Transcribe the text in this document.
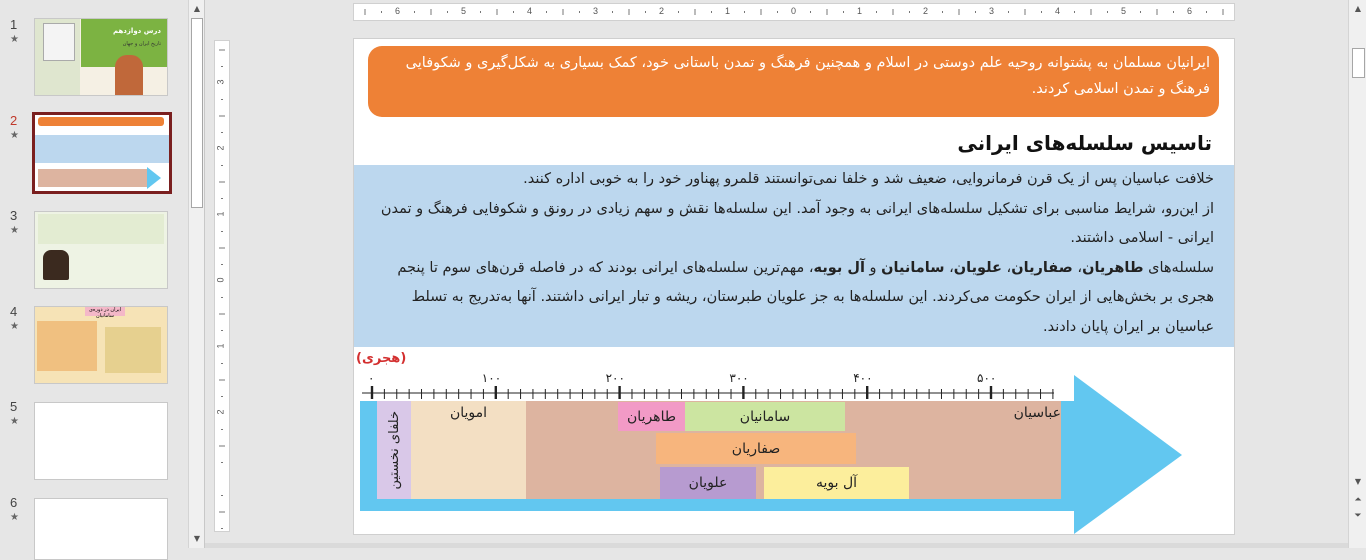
1
★
درس دوازدهم
تاریخ ایران و جهان
2
★
3
★
4
★
ایران در دوره‌ی سامانیان
5
★
6
★
▲
▼
6	5	4	3	2	1	0	1	2	3	4	5	6
3
2
1
0
1
2
ایرانیان مسلمان به پشتوانه روحیه علم دوستی در اسلام و همچنین فرهنگ و تمدن باستانی خود، کمک بسیاری به شکل‌گیری و شکوفایی فرهنگ و تمدن اسلامی کردند.
تاسیس سلسله‌های ایرانی

خلافت عباسیان پس از یک قرن فرمانروایی، ضعیف شد و خلفا نمی‌توانستند قلمرو پهناور خود را به خوبی اداره کنند.

از این‌رو، شرایط مناسبی برای تشکیل سلسله‌های ایرانی به وجود آمد. این سلسله‌ها نقش و سهم زیادی در رونق و شکوفایی فرهنگ و تمدن ایرانی - اسلامی داشتند.

سلسله‌های طاهریان، صفاریان، علویان، سامانیان و آل بویه، مهم‌ترین سلسله‌های ایرانی بودند که در فاصله قرن‌های سوم تا پنجم هجری بر بخش‌هایی از ایران حکومت می‌کردند. این سلسله‌ها به جز علویان طبرستان، ریشه و تبار ایرانی داشتند. آنها به‌تدریج به تسلط عباسیان بر ایران پایان دادند.

(هجری)
۰	۱۰۰	۲۰۰	۳۰۰	۴۰۰	۵۰۰
خلفای نخستین	امویان	عباسیان
طاهریان	سامانیان
صفاریان
علویان	آل بویه
▲
▼
⏶
⏷
